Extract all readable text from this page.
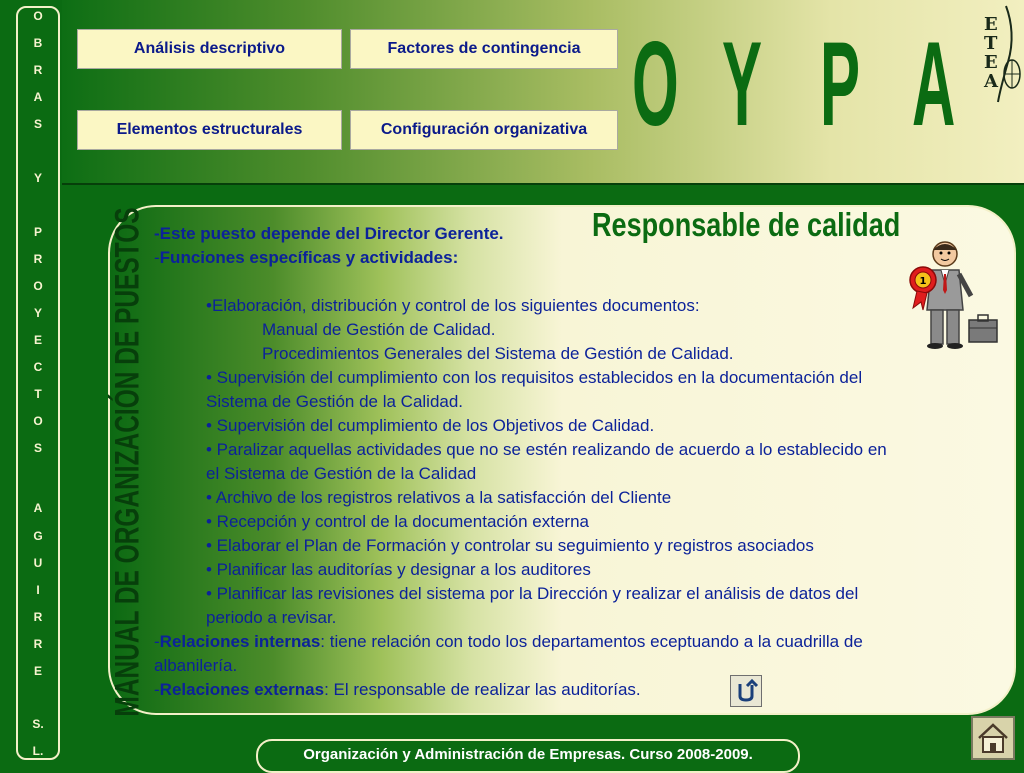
O
B
R
A
S
Y
P
R
O
Y
E
C
T
O
S
A
G
U
I
R
R
E
S.
L.
Análisis descriptivo	Factores de contingencia
Elementos estructurales	Configuración organizativa O Y P A E
T
E
A
MANUAL DE ORGANIZACIÓN DE PUESTOS	Responsable de calidad
-Este puesto depende del Director Gerente.
-Funciones específicas y actividades:
•Elaboración, distribución y control de los siguientes documentos:
Manual de Gestión de Calidad.
Procedimientos Generales del Sistema de Gestión de Calidad.
• Supervisión del cumplimiento con los requisitos establecidos en la documentación del
Sistema de Gestión de la Calidad.
• Supervisión del cumplimiento de los Objetivos de Calidad.
• Paralizar aquellas actividades que no se estén realizando de acuerdo a lo establecido en
el Sistema de Gestión de la Calidad
• Archivo de los registros relativos a la satisfacción del Cliente
• Recepción y control de la documentación externa
• Elaborar el Plan de Formación y controlar su seguimiento y registros asociados
• Planificar las auditorías y designar a los auditores
• Planificar las revisiones del sistema por la Dirección y realizar el análisis de datos del
periodo a revisar.
-Relaciones internas: tiene relación con todo los departamentos eceptuando a la cuadrilla de
albanilería.
-Relaciones externas: El responsable de realizar las auditorías.
1
Organización y Administración de Empresas. Curso 2008-2009.
